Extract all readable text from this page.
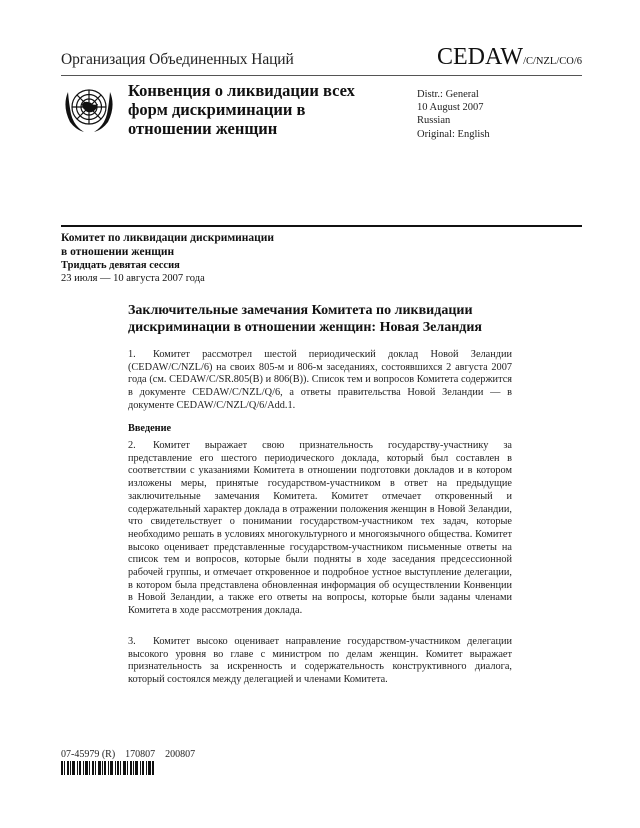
Организация Объединенных Наций	CEDAW/C/NZL/CO/6
Конвенция о ликвидации всех
форм дискриминации в
отношении женщин
Distr.: General
10 August 2007
Russian
Original: English
Комитет по ликвидации дискриминации
в отношении женщин
Тридцать девятая сессия
23 июля — 10 августа 2007 года
Заключительные замечания Комитета по ликвидации
дискриминации в отношении женщин: Новая Зеландия
1. Комитет рассмотрел шестой периодический доклад Новой Зеландии (CEDAW/C/NZL/6) на своих 805-м и 806-м заседаниях, состоявшихся 2 августа 2007 года (см. CEDAW/C/SR.805(B) и 806(B)). Список тем и вопросов Комитета содержится в документе CEDAW/C/NZL/Q/6, а ответы правительства Новой Зеландии — в документе CEDAW/C/NZL/Q/6/Add.1.
Введение
2. Комитет выражает свою признательность государству-участнику за представление его шестого периодического доклада, который был составлен в соответствии с указаниями Комитета в отношении подготовки докладов и в котором изложены меры, принятые государством-участником в ответ на предыдущие заключительные замечания Комитета. Комитет отмечает откровенный и содержательный характер доклада в отражении положения женщин в Новой Зеландии, что свидетельствует о понимании государством-участником тех задач, которые необходимо решать в условиях многокультурного и многоязычного общества. Комитет высоко оценивает представленные государством-участником письменные ответы на список тем и вопросов, которые были подняты в ходе заседания предсессионной рабочей группы, и отмечает откровенное и подробное устное выступление делегации, в котором была представлена обновленная информация об осуществлении Конвенции в Новой Зеландии, а также его ответы на вопросы, которые были заданы членами Комитета в ходе рассмотрения доклада.
3. Комитет высоко оценивает направление государством-участником делегации высокого уровня во главе с министром по делам женщин. Комитет выражает признательность за искренность и содержательность конструктивного диалога, который состоялся между делегацией и членами Комитета.
07-45979 (R) 170807 200807
